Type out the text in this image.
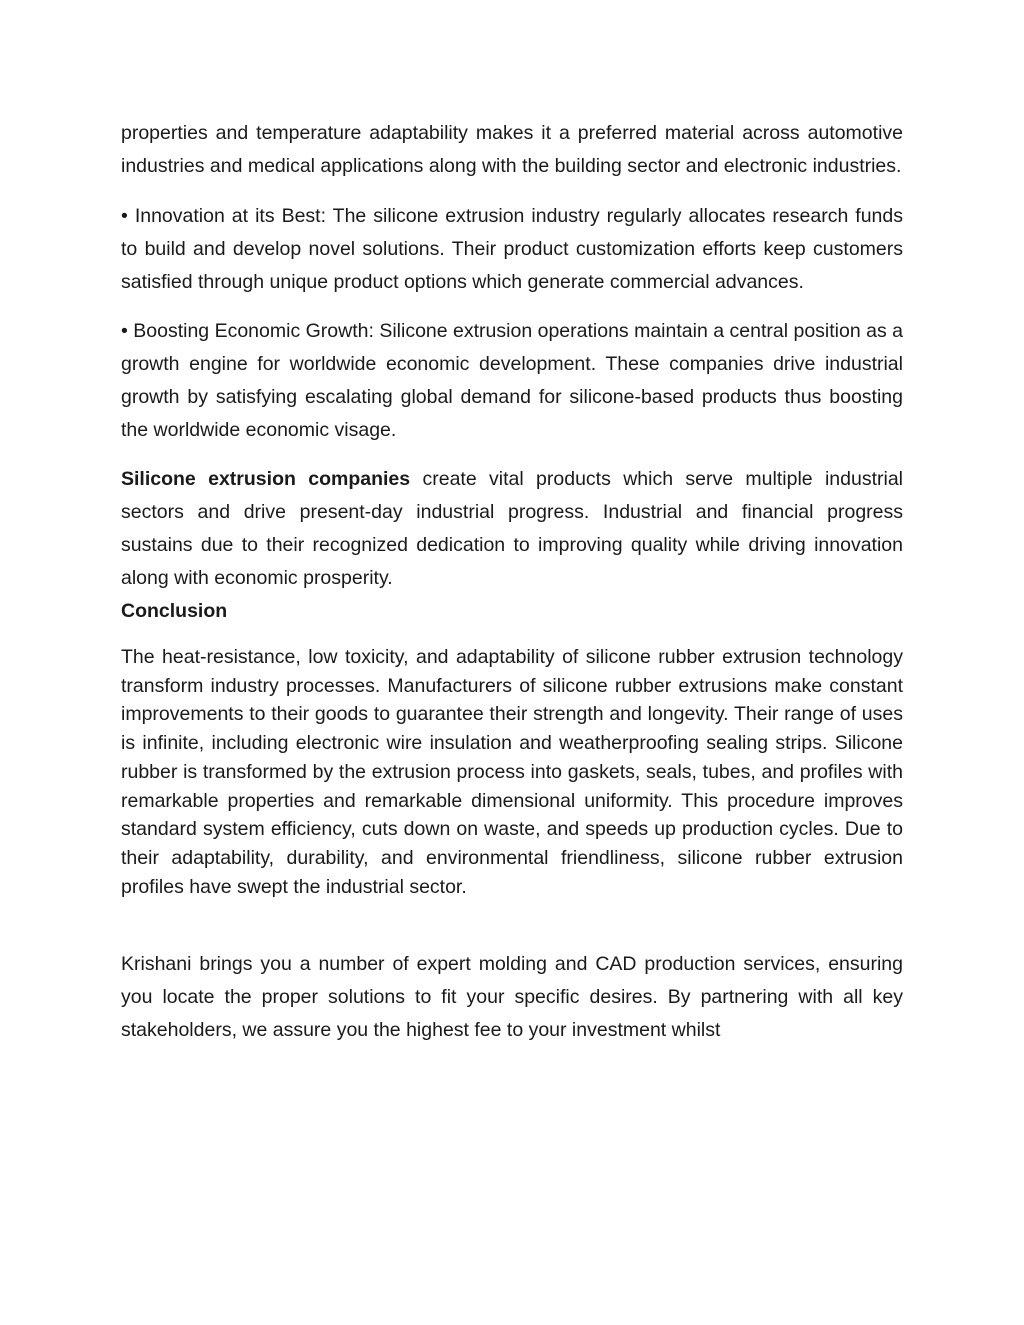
properties and temperature adaptability makes it a preferred material across automotive industries and medical applications along with the building sector and electronic industries.

• Innovation at its Best: The silicone extrusion industry regularly allocates research funds to build and develop novel solutions. Their product customization efforts keep customers satisfied through unique product options which generate commercial advances.

• Boosting Economic Growth: Silicone extrusion operations maintain a central position as a growth engine for worldwide economic development. These companies drive industrial growth by satisfying escalating global demand for silicone-based products thus boosting the worldwide economic visage.

Silicone extrusion companies create vital products which serve multiple industrial sectors and drive present-day industrial progress. Industrial and financial progress sustains due to their recognized dedication to improving quality while driving innovation along with economic prosperity.

Conclusion

The heat-resistance, low toxicity, and adaptability of silicone rubber extrusion technology transform industry processes. Manufacturers of silicone rubber extrusions make constant improvements to their goods to guarantee their strength and longevity. Their range of uses is infinite, including electronic wire insulation and weatherproofing sealing strips. Silicone rubber is transformed by the extrusion process into gaskets, seals, tubes, and profiles with remarkable properties and remarkable dimensional uniformity. This procedure improves standard system efficiency, cuts down on waste, and speeds up production cycles. Due to their adaptability, durability, and environmental friendliness, silicone rubber extrusion profiles have swept the industrial sector.

Krishani brings you a number of expert molding and CAD production services, ensuring you locate the proper solutions to fit your specific desires. By partnering with all key stakeholders, we assure you the highest fee to your investment whilst
